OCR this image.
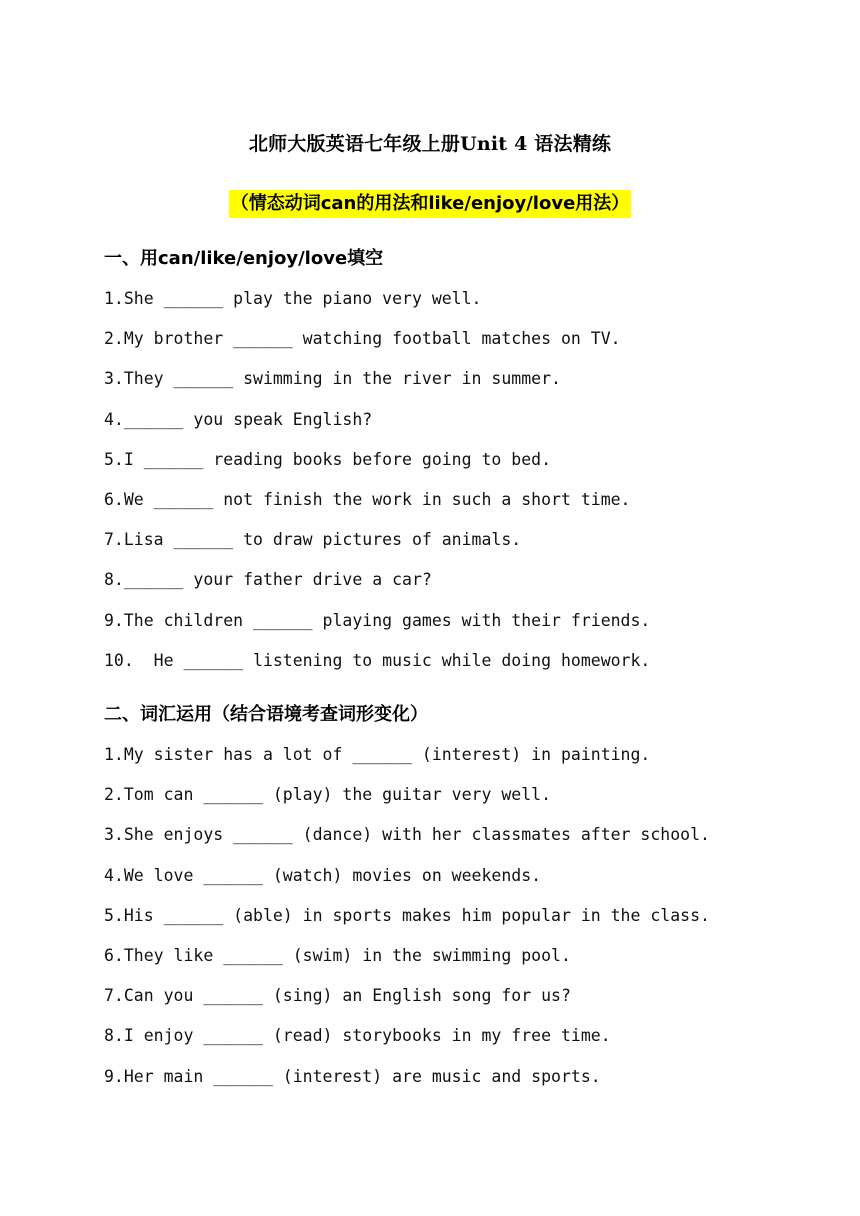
北师大版英语七年级上册Unit 4 语法精练
（情态动词can的用法和like/enjoy/love用法）
一、用can/like/enjoy/love填空
1.She ______ play the piano very well.
2.My brother ______ watching football matches on TV.
3.They ______ swimming in the river in summer.
4.______ you speak English?
5.I ______ reading books before going to bed.
6.We ______ not finish the work in such a short time.
7.Lisa ______ to draw pictures of animals.
8.______ your father drive a car?
9.The children ______ playing games with their friends.
10.  He ______ listening to music while doing homework.
二、词汇运用（结合语境考查词形变化）
1.My sister has a lot of ______ (interest) in painting.
2.Tom can ______ (play) the guitar very well.
3.She enjoys ______ (dance) with her classmates after school.
4.We love ______ (watch) movies on weekends.
5.His ______ (able) in sports makes him popular in the class.
6.They like ______ (swim) in the swimming pool.
7.Can you ______ (sing) an English song for us?
8.I enjoy ______ (read) storybooks in my free time.
9.Her main ______ (interest) are music and sports.
